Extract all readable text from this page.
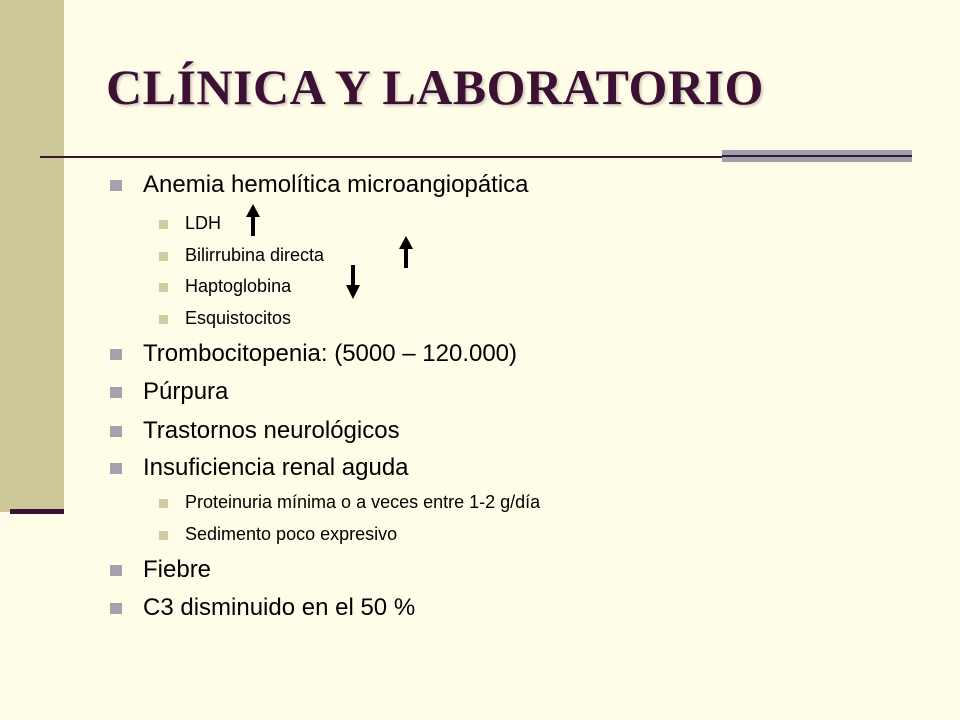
CLÍNICA Y LABORATORIO
Anemia hemolítica microangiopática
LDH
Bilirrubina directa
Haptoglobina
Esquistocitos
Trombocitopenia: (5000 – 120.000)
Púrpura
Trastornos neurológicos
Insuficiencia renal aguda
Proteinuria mínima o a veces entre 1-2 g/día
Sedimento poco expresivo
Fiebre
C3 disminuido en el 50 %
